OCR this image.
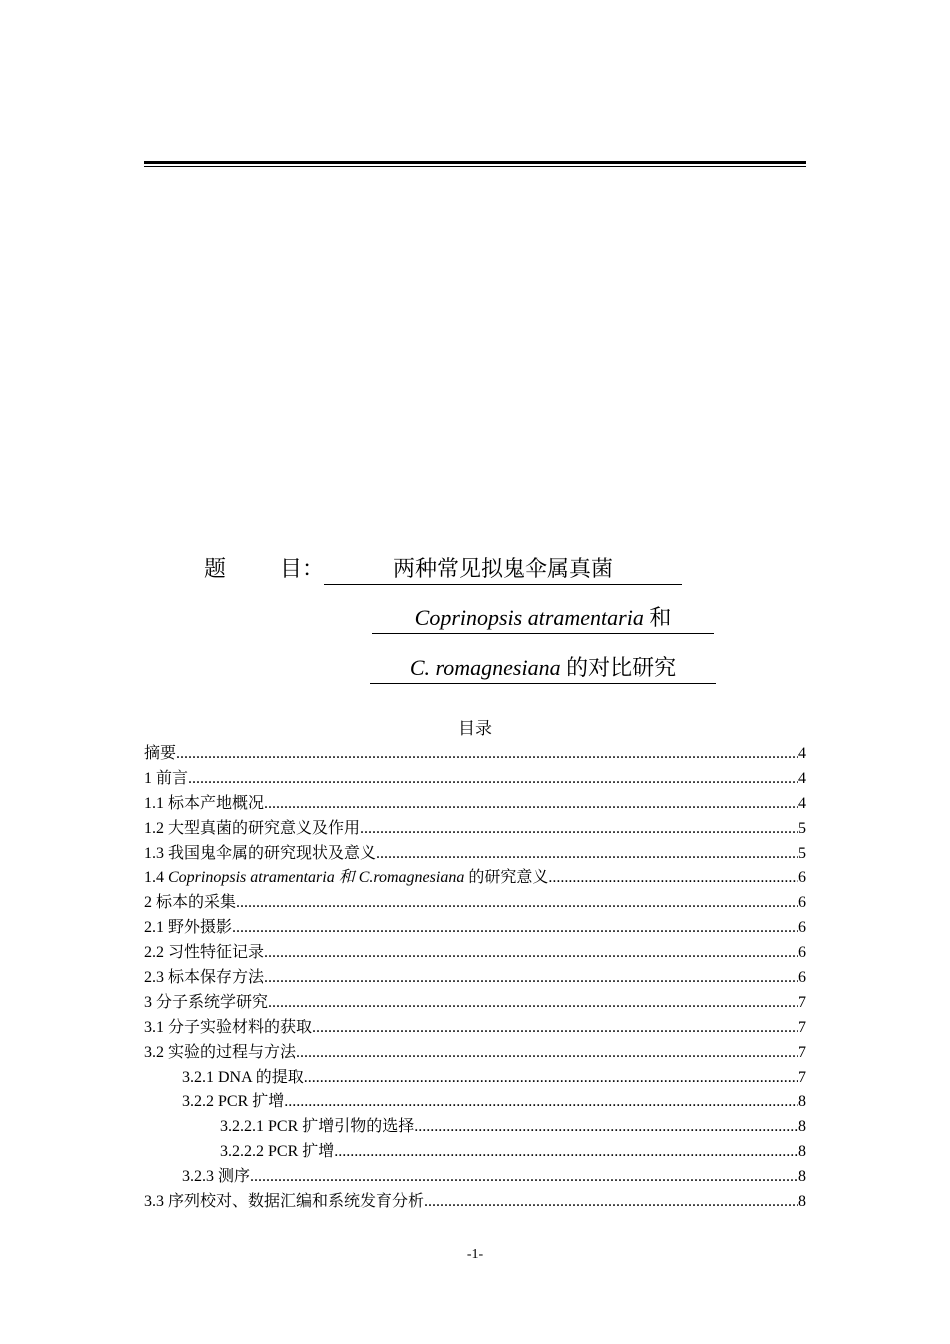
题 目：	两种常见拟鬼伞属真菌
Coprinopsis atramentaria 和
C. romagnesiana 的对比研究
目录
摘要 .....	4
1 前言 .....	4
1.1 标本产地概况 .....	4
1.2 大型真菌的研究意义及作用 .....	5
1.3 我国鬼伞属的研究现状及意义 .....	5
1.4 Coprinopsis atramentaria 和 C.romagnesiana 的研究意义 .....	6
2 标本的采集 .....	6
2.1 野外摄影 .....	6
2.2 习性特征记录 .....	6
2.3 标本保存方法 .....	6
3 分子系统学研究 .....	7
3.1 分子实验材料的获取 .....	7
3.2 实验的过程与方法 .....	7
3.2.1 DNA 的提取 .....	7
3.2.2 PCR 扩增 .....	8
3.2.2.1 PCR 扩增引物的选择 .....	8
3.2.2.2 PCR 扩增 .....	8
3.2.3 测序 .....	8
3.3 序列校对、数据汇编和系统发育分析 .....	8
-1-
